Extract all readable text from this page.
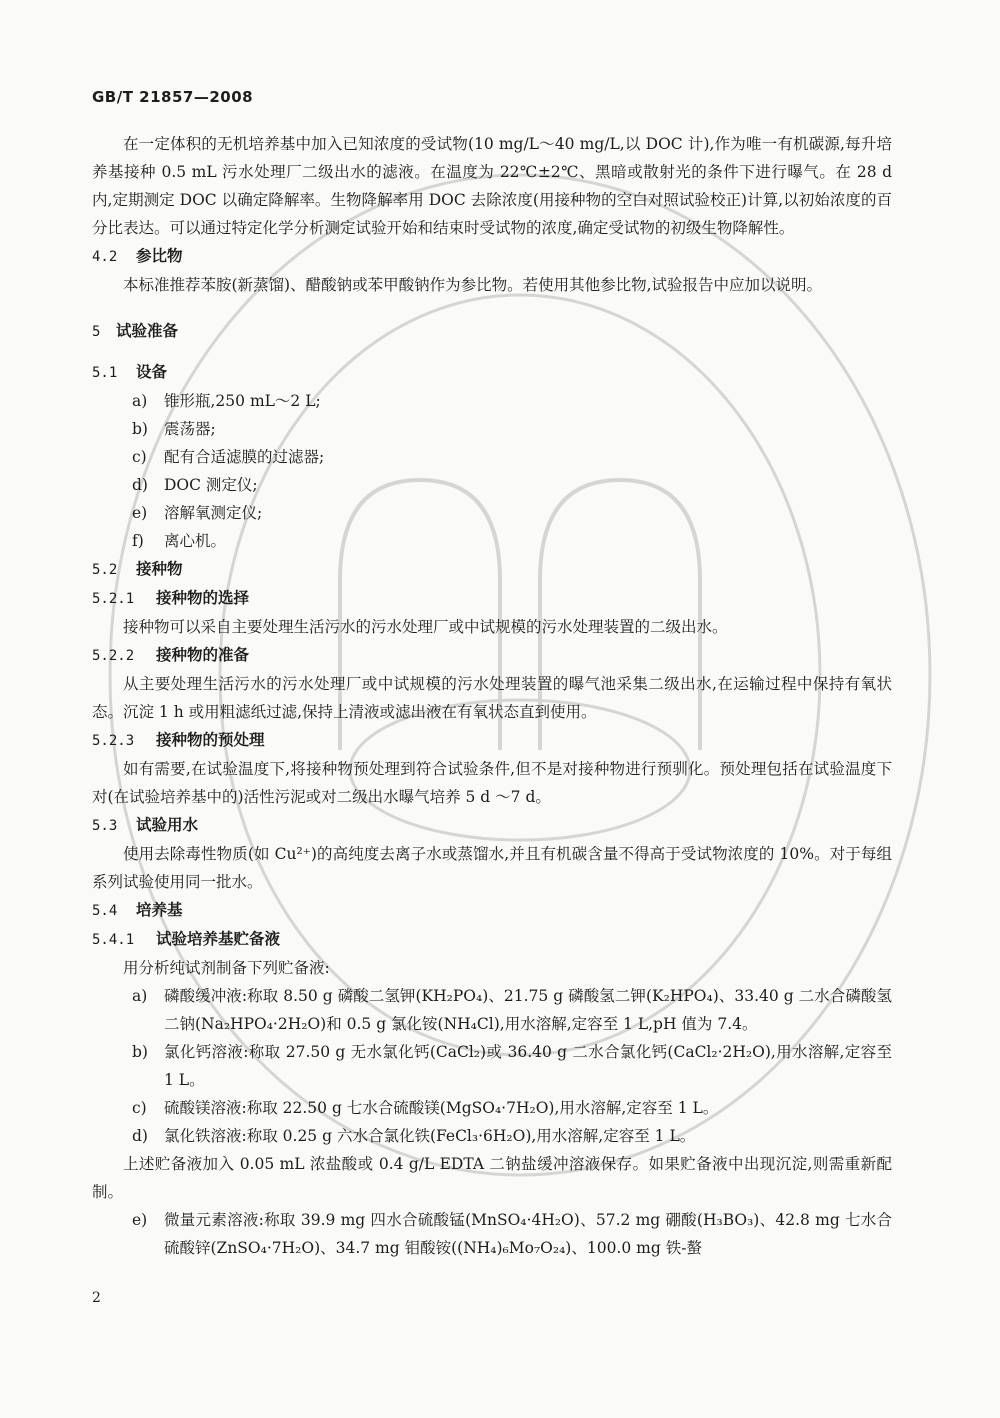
GB/T 21857—2008

在一定体积的无机培养基中加入已知浓度的受试物(10 mg/L～40 mg/L,以 DOC 计),作为唯一有机碳源,每升培养基接种 0.5 mL 污水处理厂二级出水的滤液。在温度为 22℃±2℃、黑暗或散射光的条件下进行曝气。在 28 d 内,定期测定 DOC 以确定降解率。生物降解率用 DOC 去除浓度(用接种物的空白对照试验校正)计算,以初始浓度的百分比表达。可以通过特定化学分析测定试验开始和结束时受试物的浓度,确定受试物的初级生物降解性。

4.2 参比物

本标准推荐苯胺(新蒸馏)、醋酸钠或苯甲酸钠作为参比物。若使用其他参比物,试验报告中应加以说明。

5 试验准备
5.1 设备
a)	锥形瓶,250 mL～2 L;
b)	震荡器;
c)	配有合适滤膜的过滤器;
d)	DOC 测定仪;
e)	溶解氧测定仪;
f)	离心机。
5.2 接种物
5.2.1 接种物的选择

接种物可以采自主要处理生活污水的污水处理厂或中试规模的污水处理装置的二级出水。

5.2.2 接种物的准备

从主要处理生活污水的污水处理厂或中试规模的污水处理装置的曝气池采集二级出水,在运输过程中保持有氧状态。沉淀 1 h 或用粗滤纸过滤,保持上清液或滤出液在有氧状态直到使用。

5.2.3 接种物的预处理

如有需要,在试验温度下,将接种物预处理到符合试验条件,但不是对接种物进行预驯化。预处理包括在试验温度下对(在试验培养基中的)活性污泥或对二级出水曝气培养 5 d ～7 d。

5.3 试验用水

使用去除毒性物质(如 Cu²⁺)的高纯度去离子水或蒸馏水,并且有机碳含量不得高于受试物浓度的 10%。对于每组系列试验使用同一批水。

5.4 培养基
5.4.1 试验培养基贮备液

用分析纯试剂制备下列贮备液:

a)	磷酸缓冲液:称取 8.50 g 磷酸二氢钾(KH₂PO₄)、21.75 g 磷酸氢二钾(K₂HPO₄)、33.40 g 二水合磷酸氢二钠(Na₂HPO₄·2H₂O)和 0.5 g 氯化铵(NH₄Cl),用水溶解,定容至 1 L,pH 值为 7.4。
b)	氯化钙溶液:称取 27.50 g 无水氯化钙(CaCl₂)或 36.40 g 二水合氯化钙(CaCl₂·2H₂O),用水溶解,定容至 1 L。
c)	硫酸镁溶液:称取 22.50 g 七水合硫酸镁(MgSO₄·7H₂O),用水溶解,定容至 1 L。
d)	氯化铁溶液:称取 0.25 g 六水合氯化铁(FeCl₃·6H₂O),用水溶解,定容至 1 L。

上述贮备液加入 0.05 mL 浓盐酸或 0.4 g/L EDTA 二钠盐缓冲溶液保存。如果贮备液中出现沉淀,则需重新配制。

e)	微量元素溶液:称取 39.9 mg 四水合硫酸锰(MnSO₄·4H₂O)、57.2 mg 硼酸(H₃BO₃)、42.8 mg 七水合硫酸锌(ZnSO₄·7H₂O)、34.7 mg 钼酸铵((NH₄)₆Mo₇O₂₄)、100.0 mg 铁-螯
2
